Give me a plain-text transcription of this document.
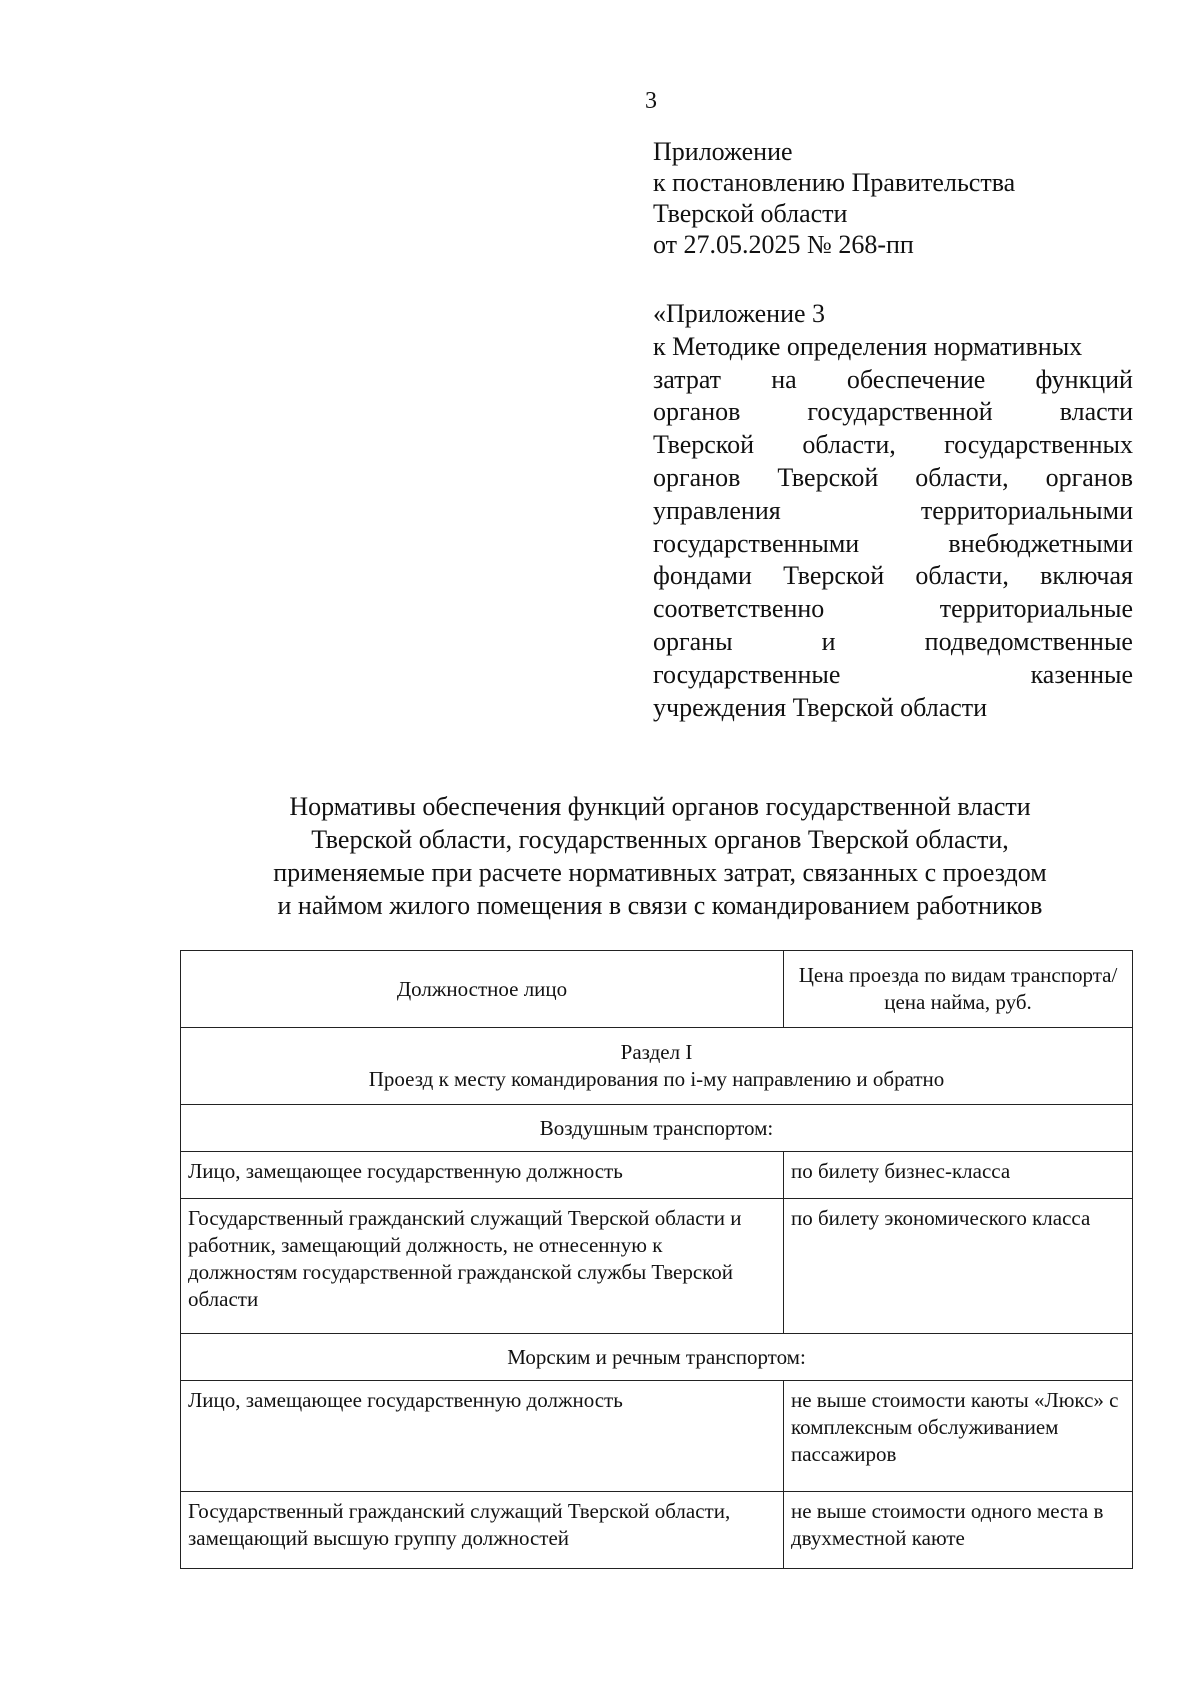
3
Приложение
к постановлению Правительства
Тверской области
от 27.05.2025 № 268-пп
«Приложение 3
к Методике определения нормативных
затрат на обеспечение функций
органов	государственной	власти
Тверской области, государственных
органов Тверской области, органов
управления	территориальными
государственными	внебюджетными
фондами Тверской области, включая
соответственно	территориальные
органы	и	подведомственные
государственные	казенные
учреждения Тверской области
Нормативы обеспечения функций органов государственной власти
Тверской области, государственных органов Тверской области,
применяемые при расчете нормативных затрат, связанных с проездом
и наймом жилого помещения в связи с командированием работников
Должностное лицо	Цена проезда по видам транспорта/цена найма, руб.

Раздел I
Проезд к месту командирования по i-му направлению и обратно	

Воздушным транспортом:	
Лицо, замещающее государственную должность	по билету бизнес-класса
Государственный гражданский служащий Тверской области и работник, замещающий должность, не отнесенную к должностям государственной гражданской службы Тверской области	по билету экономического класса
Морским и речным транспортом:	
Лицо, замещающее государственную должность	не выше стоимости каюты «Люкс» с комплексным обслуживанием пассажиров
Государственный гражданский служащий Тверской области, замещающий высшую группу должностей	не выше стоимости одного места в двухместной каюте
